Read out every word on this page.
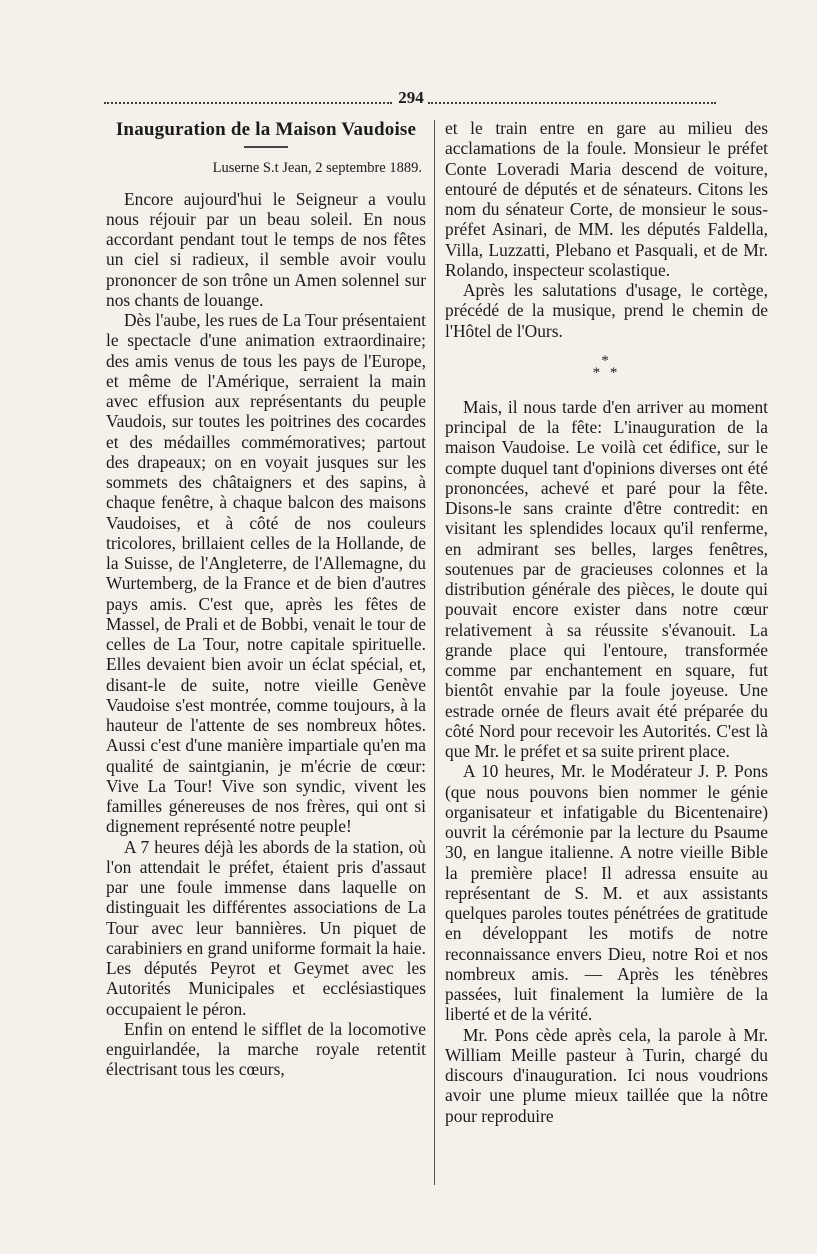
294
Inauguration de la Maison Vaudoise
Luserne S.t Jean, 2 septembre 1889.

Encore aujourd'hui le Seigneur a voulu nous réjouir par un beau soleil. En nous accordant pendant tout le temps de nos fêtes un ciel si radieux, il semble avoir voulu prononcer de son trône un Amen solennel sur nos chants de louange.

Dès l'aube, les rues de La Tour présentaient le spectacle d'une animation extraordinaire; des amis venus de tous les pays de l'Europe, et même de l'Amérique, serraient la main avec effusion aux représentants du peuple Vaudois, sur toutes les poitrines des cocardes et des médailles commémoratives; partout des drapeaux; on en voyait jusques sur les sommets des châtaigners et des sapins, à chaque fenêtre, à chaque balcon des maisons Vaudoises, et à côté de nos couleurs tricolores, brillaient celles de la Hollande, de la Suisse, de l'Angleterre, de l'Allemagne, du Wurtemberg, de la France et de bien d'autres pays amis. C'est que, après les fêtes de Massel, de Prali et de Bobbi, venait le tour de celles de La Tour, notre capitale spirituelle. Elles devaient bien avoir un éclat spécial, et, disant-le de suite, notre vieille Genève Vaudoise s'est montrée, comme toujours, à la hauteur de l'attente de ses nombreux hôtes. Aussi c'est d'une manière impartiale qu'en ma qualité de saintgianin, je m'écrie de cœur: Vive La Tour! Vive son syndic, vivent les familles génereuses de nos frères, qui ont si dignement représenté notre peuple!

A 7 heures déjà les abords de la station, où l'on attendait le préfet, étaient pris d'assaut par une foule immense dans laquelle on distinguait les différentes associations de La Tour avec leur bannières. Un piquet de carabiniers en grand uniforme formait la haie. Les députés Peyrot et Geymet avec les Autorités Municipales et ecclésiastiques occupaient le péron.

Enfin on entend le sifflet de la locomotive enguirlandée, la marche royale retentit électrisant tous les cœurs,

et le train entre en gare au milieu des acclamations de la foule. Monsieur le préfet Conte Loveradi Maria descend de voiture, entouré de députés et de sénateurs. Citons les nom du sénateur Corte, de monsieur le sous-préfet Asinari, de MM. les députés Faldella, Villa, Luzzatti, Plebano et Pasquali, et de Mr. Rolando, inspecteur scolastique.

Après les salutations d'usage, le cortège, précédé de la musique, prend le chemin de l'Hôtel de l'Ours.

*
* *

Mais, il nous tarde d'en arriver au moment principal de la fête: L'inauguration de la maison Vaudoise. Le voilà cet édifice, sur le compte duquel tant d'opinions diverses ont été prononcées, achevé et paré pour la fête. Disons-le sans crainte d'être contredit: en visitant les splendides locaux qu'il renferme, en admirant ses belles, larges fenêtres, soutenues par de gracieuses colonnes et la distribution générale des pièces, le doute qui pouvait encore exister dans notre cœur relativement à sa réussite s'évanouit. La grande place qui l'entoure, transformée comme par enchantement en square, fut bientôt envahie par la foule joyeuse. Une estrade ornée de fleurs avait été préparée du côté Nord pour recevoir les Autorités. C'est là que Mr. le préfet et sa suite prirent place.

A 10 heures, Mr. le Modérateur J. P. Pons (que nous pouvons bien nommer le génie organisateur et infatigable du Bicentenaire) ouvrit la cérémonie par la lecture du Psaume 30, en langue italienne. A notre vieille Bible la première place! Il adressa ensuite au représentant de S. M. et aux assistants quelques paroles toutes pénétrées de gratitude en développant les motifs de notre reconnaissance envers Dieu, notre Roi et nos nombreux amis. — Après les ténèbres passées, luit finalement la lumière de la liberté et de la vérité.

Mr. Pons cède après cela, la parole à Mr. William Meille pasteur à Turin, chargé du discours d'inauguration. Ici nous voudrions avoir une plume mieux taillée que la nôtre pour reproduire
